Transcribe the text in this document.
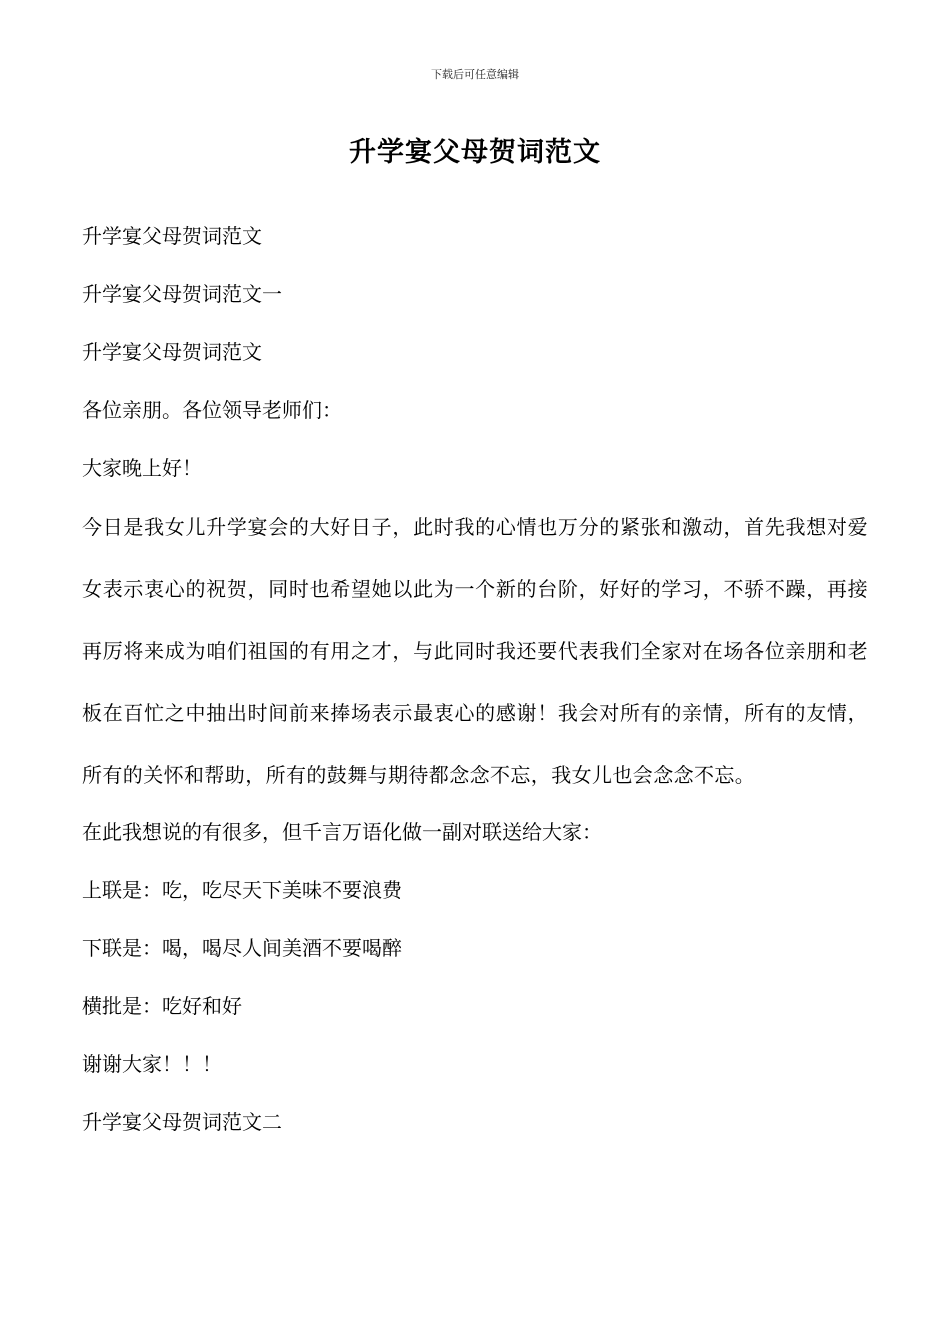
下载后可任意编辑
升学宴父母贺词范文

升学宴父母贺词范文

升学宴父母贺词范文一

升学宴父母贺词范文

各位亲朋。各位领导老师们：

大家晚上好！

今日是我女儿升学宴会的大好日子，此时我的心情也万分的紧张和激动，首先我想对爱女表示衷心的祝贺，同时也希望她以此为一个新的台阶，好好的学习，不骄不躁，再接再厉将来成为咱们祖国的有用之才，与此同时我还要代表我们全家对在场各位亲朋和老板在百忙之中抽出时间前来捧场表示最衷心的感谢！我会对所有的亲情，所有的友情，所有的关怀和帮助，所有的鼓舞与期待都念念不忘，我女儿也会念念不忘。

在此我想说的有很多，但千言万语化做一副对联送给大家：

上联是：吃，吃尽天下美味不要浪费

下联是：喝，喝尽人间美酒不要喝醉

横批是：吃好和好

谢谢大家！！！

升学宴父母贺词范文二
